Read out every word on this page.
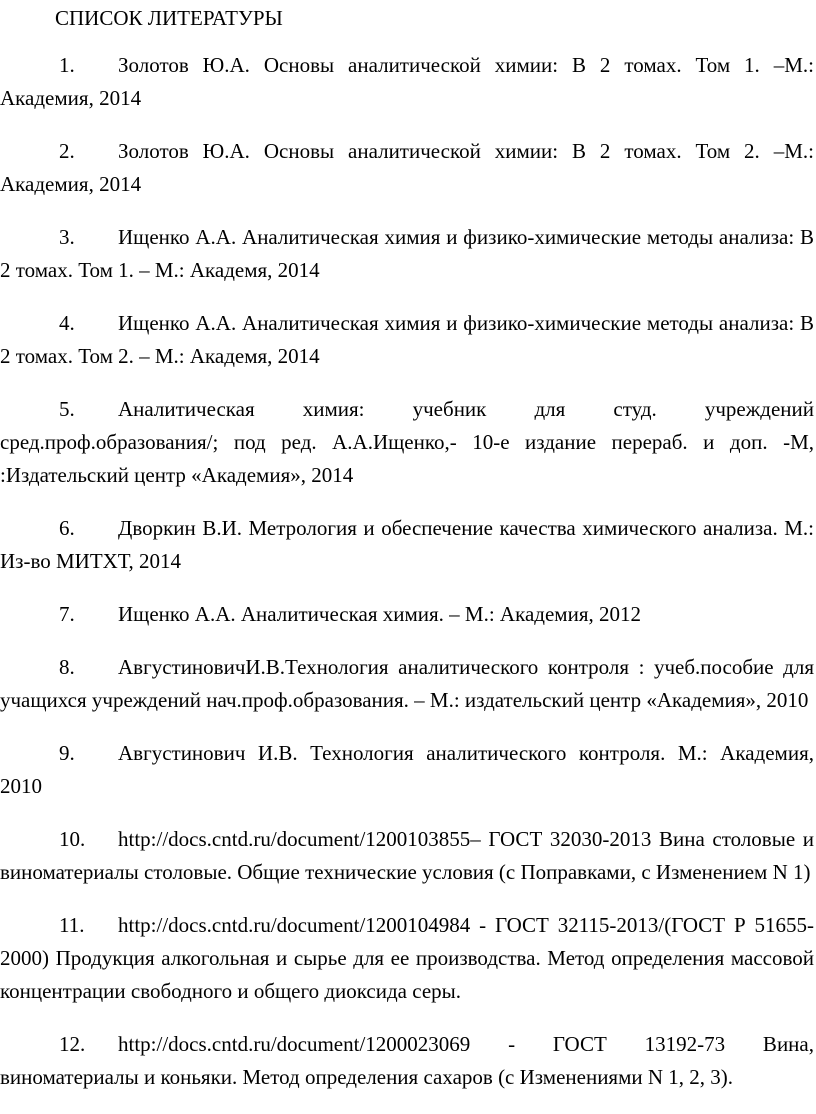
СПИСОК ЛИТЕРАТУРЫ

1. Золотов Ю.А. Основы аналитической химии: В 2 томах. Том 1. –М.: Академия, 2014

2. Золотов Ю.А. Основы аналитической химии: В 2 томах. Том 2. –М.: Академия, 2014

3. Ищенко А.А. Аналитическая химия и физико-химические методы анализа: В 2 томах. Том 1. – М.: Академя, 2014

4. Ищенко А.А. Аналитическая химия и физико-химические методы анализа: В 2 томах. Том 2. – М.: Академя, 2014

5. Аналитическая химия: учебник для студ. учреждений сред.проф.образования/; под ред. А.А.Ищенко,- 10-е издание перераб. и доп. -М, :Издательский центр «Академия», 2014

6. Дворкин В.И. Метрология и обеспечение качества химического анализа. М.: Из-во МИТХТ, 2014

7. Ищенко А.А. Аналитическая химия. – М.: Академия, 2012

8. АвгустиновичИ.В.Технология аналитического контроля : учеб.пособие для учащихся учреждений нач.проф.образования. – М.: издательский центр «Академия», 2010

9. Августинович И.В. Технология аналитического контроля. М.: Академия, 2010

10. http://docs.cntd.ru/document/1200103855– ГОСТ 32030-2013 Вина столовые и виноматериалы столовые. Общие технические условия (с Поправками, с Изменением N 1)

11. http://docs.cntd.ru/document/1200104984 - ГОСТ 32115-2013/(ГОСТ Р 51655-2000) Продукция алкогольная и сырье для ее производства. Метод определения массовой концентрации свободного и общего диоксида серы.

12. http://docs.cntd.ru/document/1200023069 - ГОСТ 13192-73 Вина, виноматериалы и коньяки. Метод определения сахаров (с Изменениями N 1, 2, 3).
